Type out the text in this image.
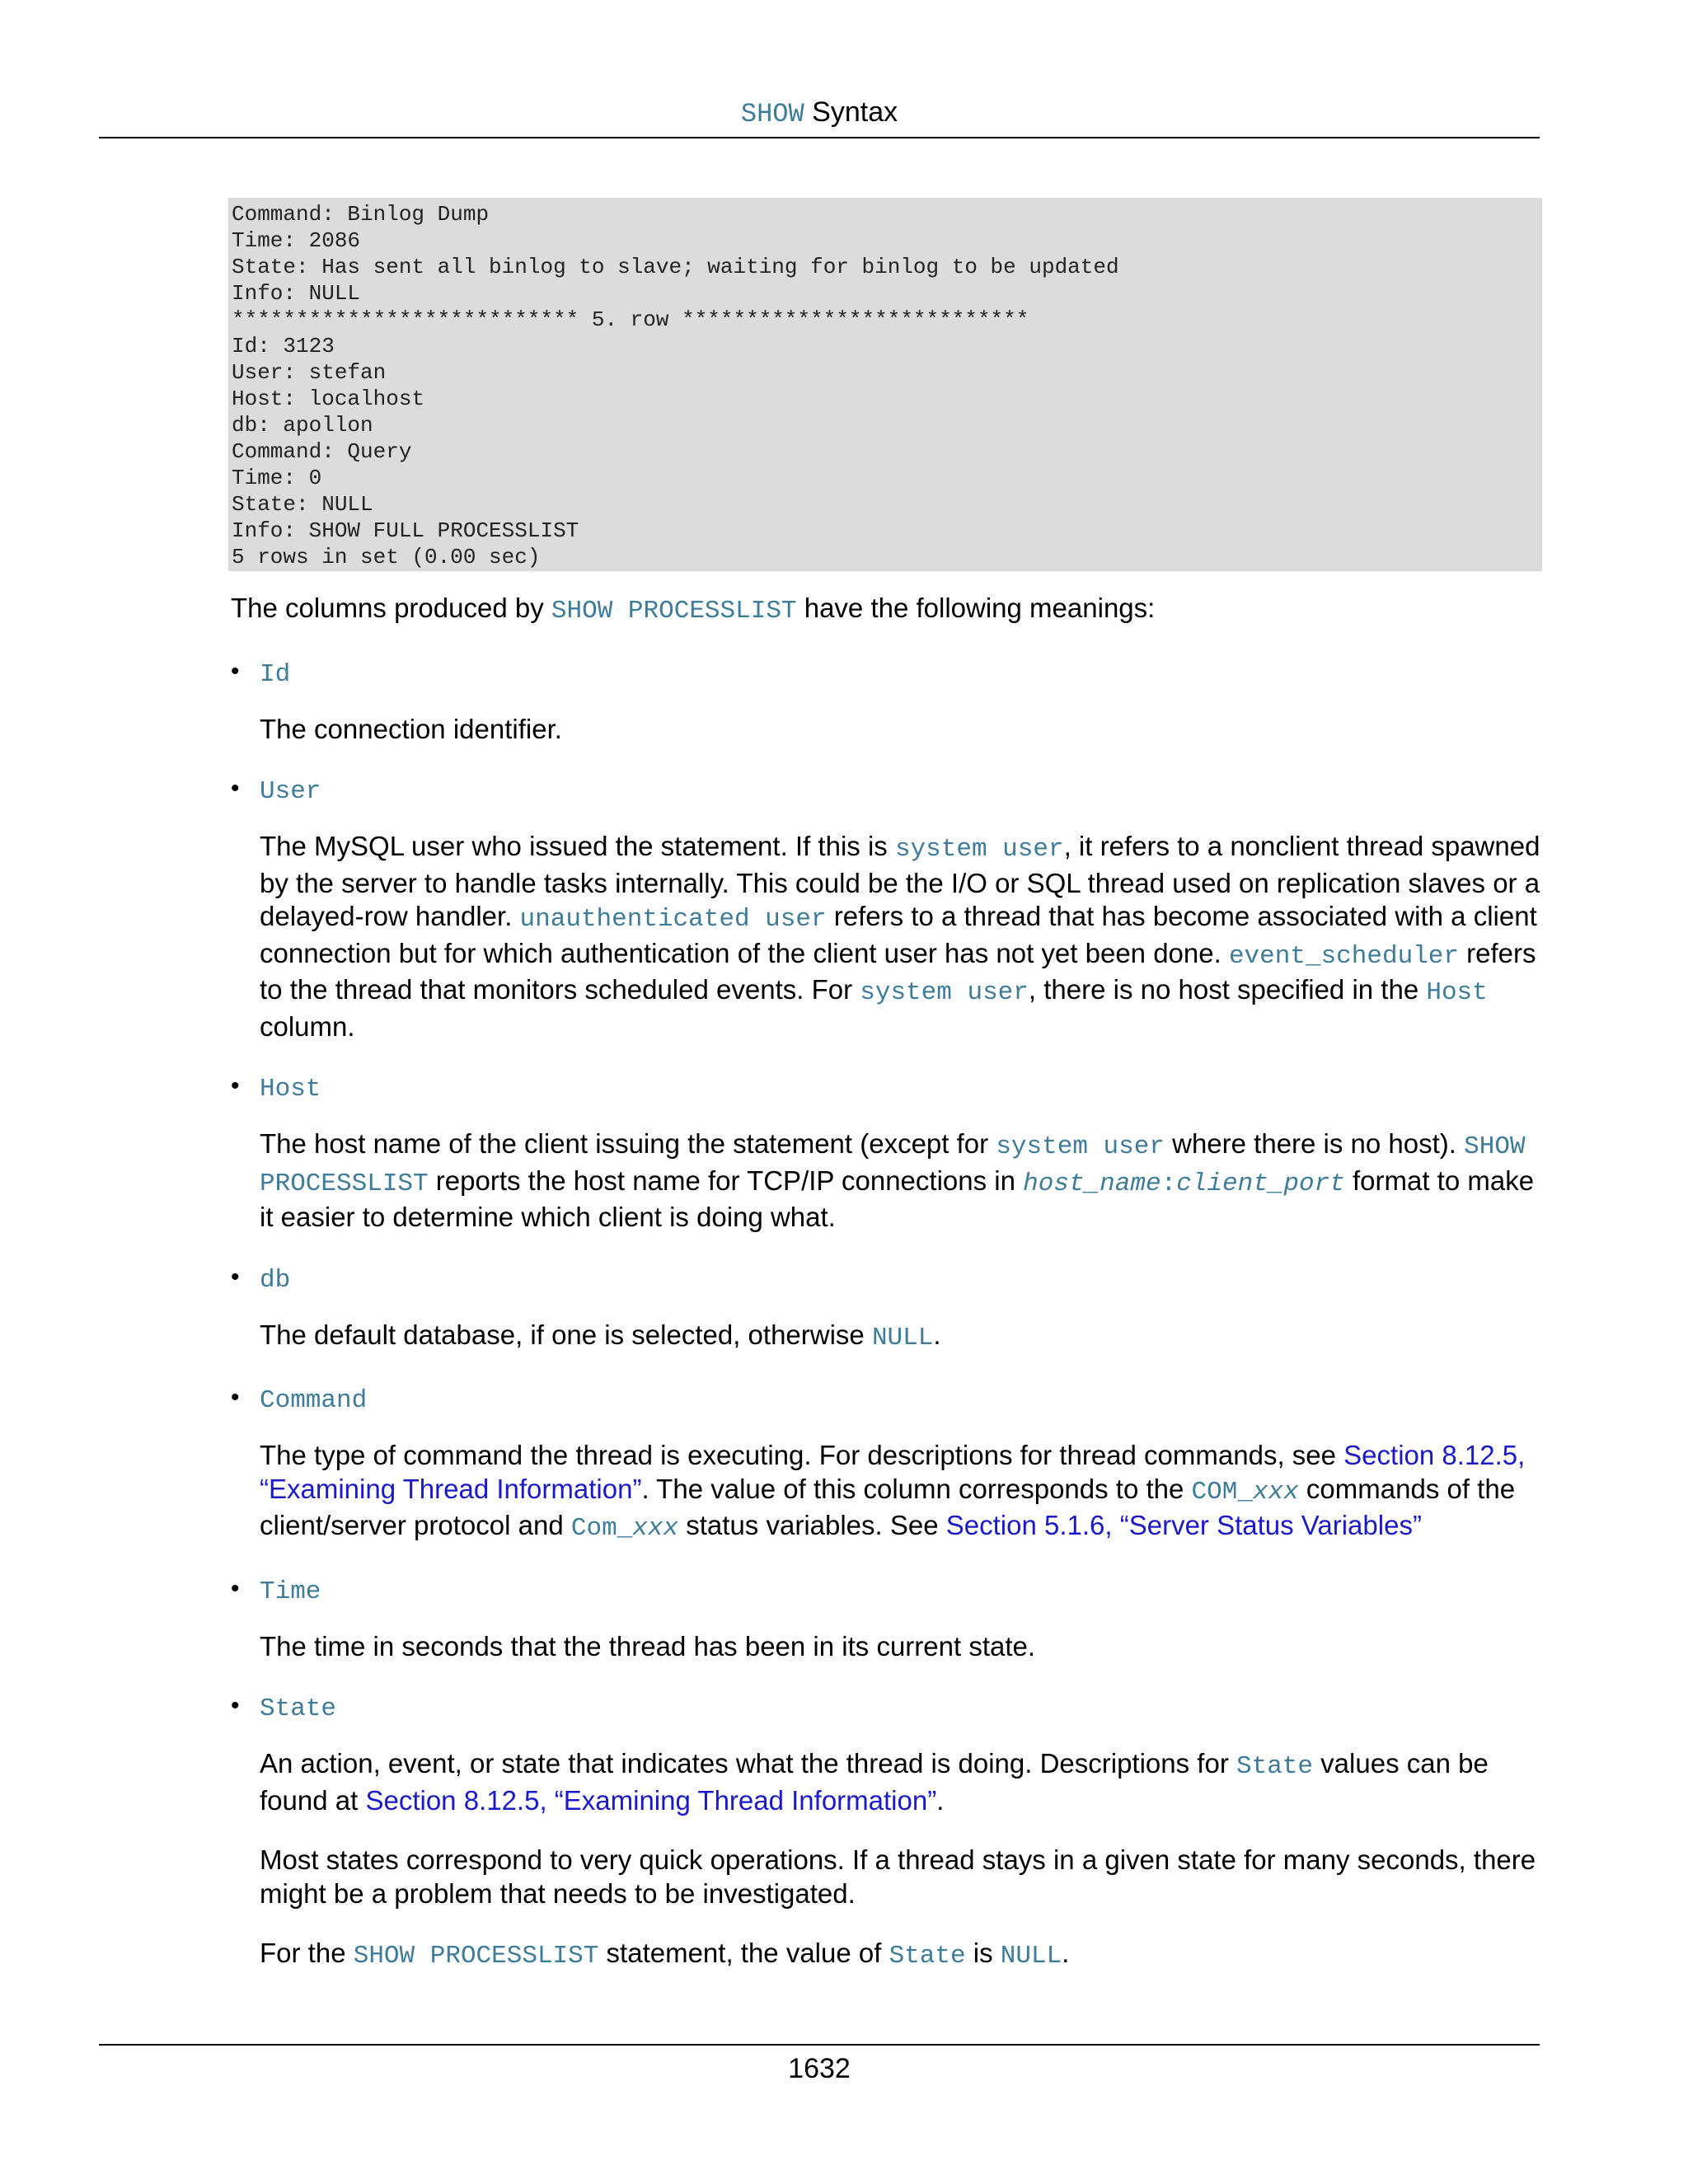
SHOW Syntax
Command: Binlog Dump
Time: 2086
State: Has sent all binlog to slave; waiting for binlog to be updated
Info: NULL
*************************** 5. row ***************************
Id: 3123
User: stefan
Host: localhost
db: apollon
Command: Query
Time: 0
State: NULL
Info: SHOW FULL PROCESSLIST
5 rows in set (0.00 sec)

The columns produced by SHOW PROCESSLIST have the following meanings:

• Id

The connection identifier.

• User

The MySQL user who issued the statement. If this is system user, it refers to a nonclient thread spawned by the server to handle tasks internally. This could be the I/O or SQL thread used on replication slaves or a delayed-row handler. unauthenticated user refers to a thread that has become associated with a client connection but for which authentication of the client user has not yet been done. event_scheduler refers to the thread that monitors scheduled events. For system user, there is no host specified in the Host column.

• Host

The host name of the client issuing the statement (except for system user where there is no host). SHOW PROCESSLIST reports the host name for TCP/IP connections in host_name:client_port format to make it easier to determine which client is doing what.

• db

The default database, if one is selected, otherwise NULL.

• Command

The type of command the thread is executing. For descriptions for thread commands, see Section 8.12.5, “Examining Thread Information”. The value of this column corresponds to the COM_xxx commands of the client/server protocol and Com_xxx status variables. See Section 5.1.6, “Server Status Variables”

• Time

The time in seconds that the thread has been in its current state.

• State

An action, event, or state that indicates what the thread is doing. Descriptions for State values can be found at Section 8.12.5, “Examining Thread Information”.

Most states correspond to very quick operations. If a thread stays in a given state for many seconds, there might be a problem that needs to be investigated.

For the SHOW PROCESSLIST statement, the value of State is NULL.

1632
